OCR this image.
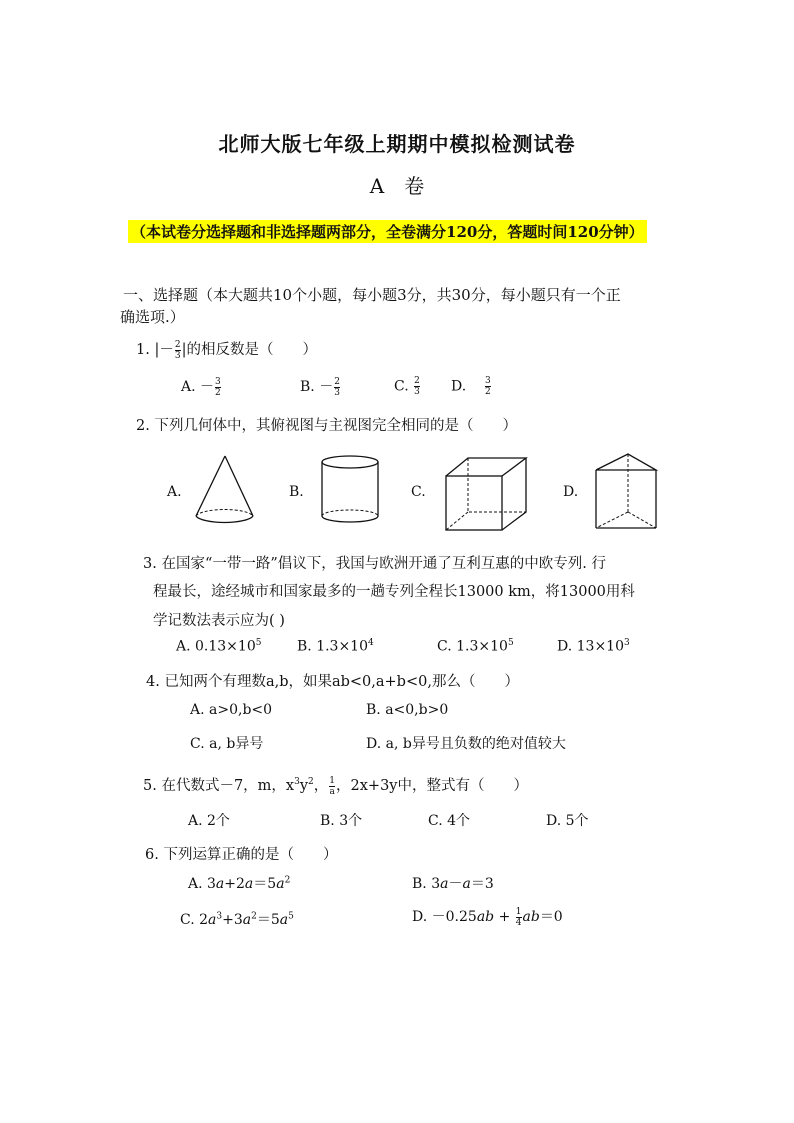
北师大版七年级上期期中模拟检测试卷
A　卷
（本试卷分选择题和非选择题两部分，全卷满分120分，答题时间120分钟）
一、选择题（本大题共10个小题，每小题3分，共30分，每小题只有一个正
确选项.）
1. |－ $\frac{2}{3}$ |的相反数是（　　）
A. － $\frac{3}{2}$	B. － $\frac{2}{3}$	C. $\frac{2}{3} D$. $\frac{3}{2}$
2. 下列几何体中，其俯视图与主视图完全相同的是（　　）
A.	B.	C.	D.
3. 在国家“一带一路”倡议下，我国与欧洲开通了互利互惠的中欧专列. 行
程最长，途经城市和国家最多的一趟专列全程长13000 km，将13000用科
学记数法表示应为( )
A. $0.13\times 10^5$	B. $1.3\times 10^4$	C. $1.3\times 10^5$	D. $13\times 10^3$
4. 已知两个有理数a,b，如果ab<0,a+b<0,那么（　　）
A. a>0,b<0	B. a<0,b>0
C. a, b异号	D. a, b异号且负数的绝对值较大
5. 在代数式－7，m，$x^3y^2$， $\frac{1}{a}$ ，2x+3y中，整式有（　　）
A. 2个	B. 3个	C. 4个	D. 5个
6. 下列运算正确的是（　　）
A. $3a+2a=5a^2$	B. 3a－a＝3
C. $2a^3+3a^2=5a^5$	D. $-0.25ab + \frac{1}{4} ab=0$
